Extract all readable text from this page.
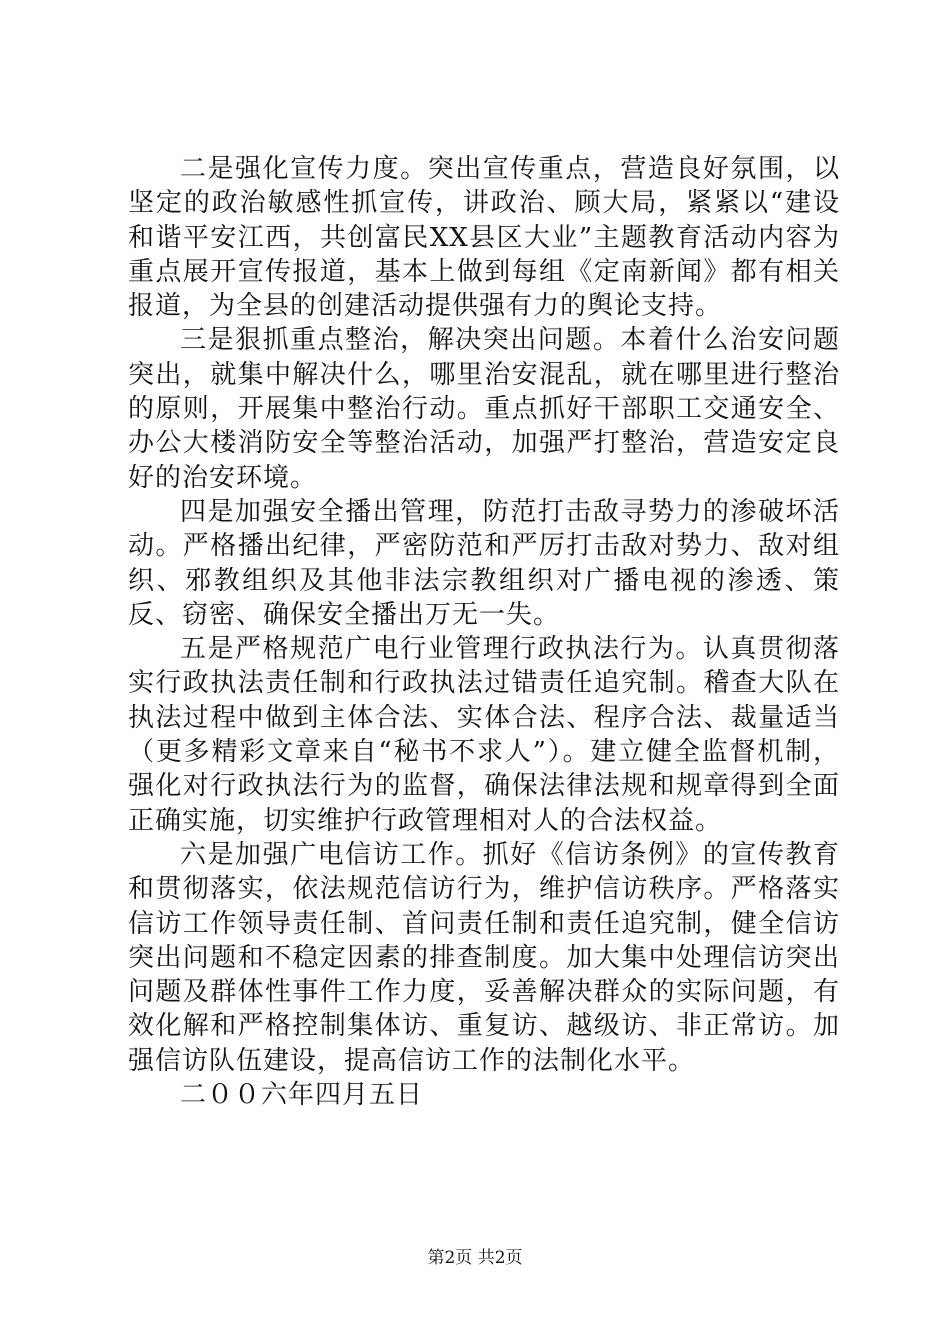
二是强化宣传力度。突出宣传重点，营造良好氛围，以坚定的政治敏感性抓宣传，讲政治、顾大局，紧紧以“建设和谐平安江西，共创富民XX县区大业”主题教育活动内容为重点展开宣传报道，基本上做到每组《定南新闻》都有相关报道，为全县的创建活动提供强有力的舆论支持。

三是狠抓重点整治，解决突出问题。本着什么治安问题突出，就集中解决什么，哪里治安混乱，就在哪里进行整治的原则，开展集中整治行动。重点抓好干部职工交通安全、办公大楼消防安全等整治活动，加强严打整治，营造安定良好的治安环境。

四是加强安全播出管理，防范打击敌寻势力的渗破坏活动。严格播出纪律，严密防范和严厉打击敌对势力、敌对组织、邪教组织及其他非法宗教组织对广播电视的渗透、策反、窃密、确保安全播出万无一失。

五是严格规范广电行业管理行政执法行为。认真贯彻落实行政执法责任制和行政执法过错责任追究制。稽查大队在执法过程中做到主体合法、实体合法、程序合法、裁量适当（更多精彩文章来自“秘书不求人”）。建立健全监督机制，强化对行政执法行为的监督，确保法律法规和规章得到全面正确实施，切实维护行政管理相对人的合法权益。

六是加强广电信访工作。抓好《信访条例》的宣传教育和贯彻落实，依法规范信访行为，维护信访秩序。严格落实信访工作领导责任制、首问责任制和责任追究制，健全信访突出问题和不稳定因素的排查制度。加大集中处理信访突出问题及群体性事件工作力度，妥善解决群众的实际问题，有效化解和严格控制集体访、重复访、越级访、非正常访。加强信访队伍建设，提高信访工作的法制化水平。

二００六年四月五日

第2页 共2页
